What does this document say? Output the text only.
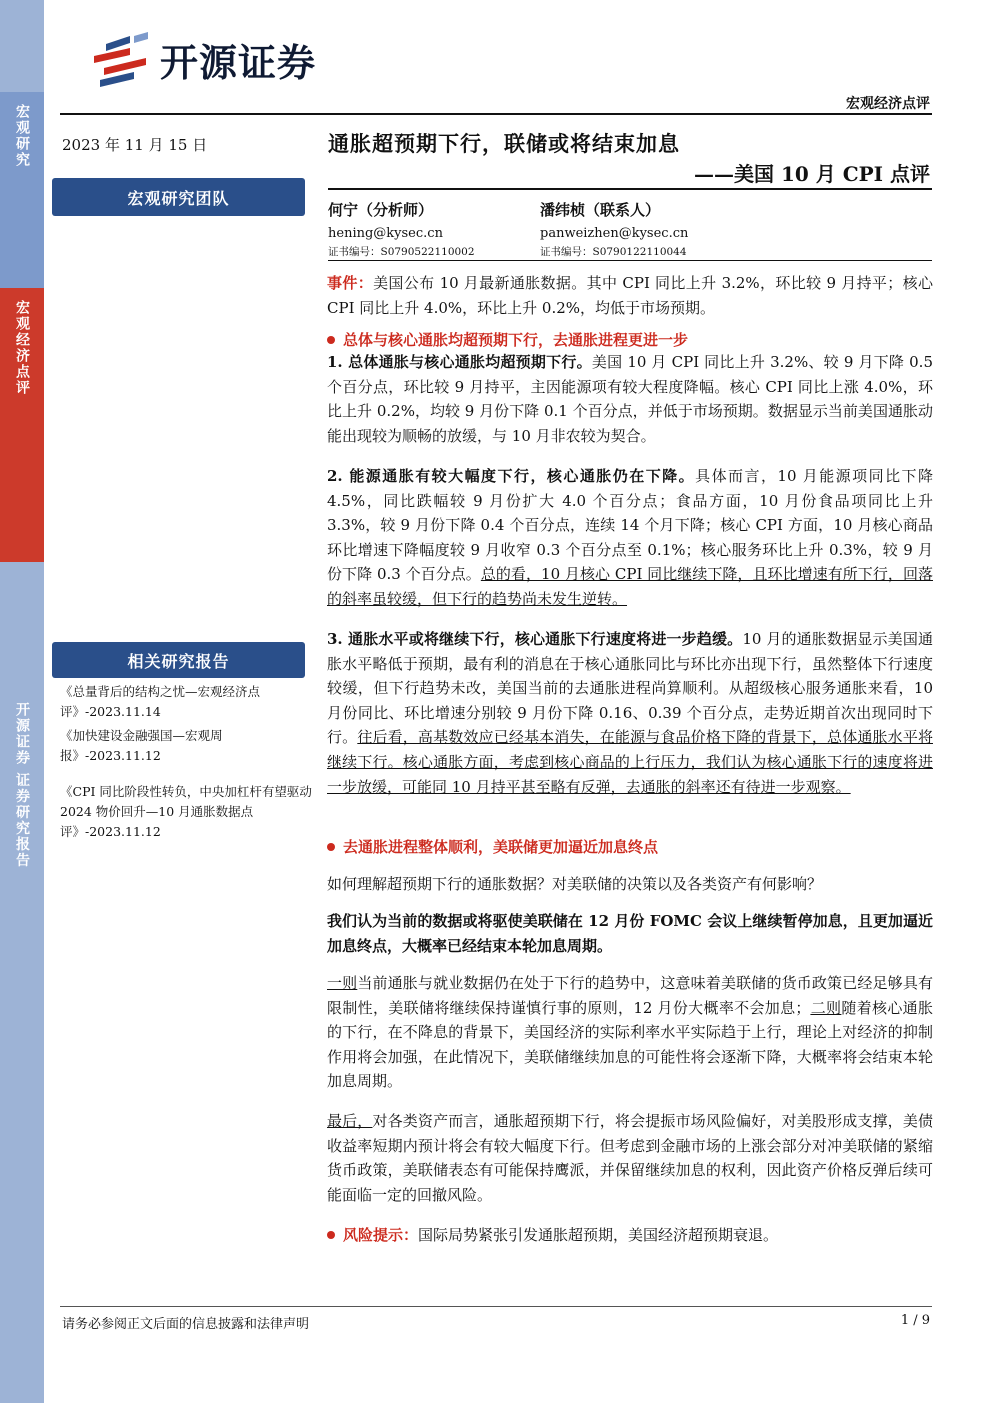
宏观研究
宏观经济点评
开源证券 证券研究报告
开源证券
宏观经济点评
2023 年 11 月 15 日
宏观研究团队
相关研究报告
《总量背后的结构之忧—宏观经济点评》-2023.11.14
《加快建设金融强国—宏观周报》-2023.11.12
《CPI 同比阶段性转负，中央加杠杆有望驱动 2024 物价回升—10 月通胀数据点评》-2023.11.12
通胀超预期下行，联储或将结束加息
——美国 10 月 CPI 点评
何宁（分析师）
hening@kysec.cn
证书编号：S0790522110002
潘纬桢（联系人）
panweizhen@kysec.cn
证书编号：S0790122110044
事件：美国公布 10 月最新通胀数据。其中 CPI 同比上升 3.2%，环比较 9 月持平；核心 CPI 同比上升 4.0%，环比上升 0.2%，均低于市场预期。
总体与核心通胀均超预期下行，去通胀进程更进一步
1. 总体通胀与核心通胀均超预期下行。美国 10 月 CPI 同比上升 3.2%、较 9 月下降 0.5 个百分点，环比较 9 月持平，主因能源项有较大程度降幅。核心 CPI 同比上涨 4.0%，环比上升 0.2%，均较 9 月份下降 0.1 个百分点，并低于市场预期。数据显示当前美国通胀动能出现较为顺畅的放缓，与 10 月非农较为契合。
2. 能源通胀有较大幅度下行，核心通胀仍在下降。具体而言，10 月能源项同比下降 4.5%，同比跌幅较 9 月份扩大 4.0 个百分点；食品方面，10 月份食品项同比上升 3.3%，较 9 月份下降 0.4 个百分点，连续 14 个月下降；核心 CPI 方面，10 月核心商品环比增速下降幅度较 9 月收窄 0.3 个百分点至 0.1%；核心服务环比上升 0.3%，较 9 月份下降 0.3 个百分点。总的看，10 月核心 CPI 同比继续下降，且环比增速有所下行，回落的斜率虽较缓，但下行的趋势尚未发生逆转。
3. 通胀水平或将继续下行，核心通胀下行速度将进一步趋缓。10 月的通胀数据显示美国通胀水平略低于预期，最有利的消息在于核心通胀同比与环比亦出现下行，虽然整体下行速度较缓，但下行趋势未改，美国当前的去通胀进程尚算顺利。从超级核心服务通胀来看，10 月份同比、环比增速分别较 9 月份下降 0.16、0.39 个百分点，走势近期首次出现同时下行。往后看，高基数效应已经基本消失，在能源与食品价格下降的背景下，总体通胀水平将继续下行。核心通胀方面，考虑到核心商品的上行压力，我们认为核心通胀下行的速度将进一步放缓，可能同 10 月持平甚至略有反弹，去通胀的斜率还有待进一步观察。
去通胀进程整体顺利，美联储更加逼近加息终点
如何理解超预期下行的通胀数据？对美联储的决策以及各类资产有何影响？
我们认为当前的数据或将驱使美联储在 12 月份 FOMC 会议上继续暂停加息，且更加逼近加息终点，大概率已经结束本轮加息周期。
一则当前通胀与就业数据仍在处于下行的趋势中，这意味着美联储的货币政策已经足够具有限制性，美联储将继续保持谨慎行事的原则，12 月份大概率不会加息；二则随着核心通胀的下行，在不降息的背景下，美国经济的实际利率水平实际趋于上行，理论上对经济的抑制作用将会加强，在此情况下，美联储继续加息的可能性将会逐渐下降，大概率将会结束本轮加息周期。
最后，对各类资产而言，通胀超预期下行，将会提振市场风险偏好，对美股形成支撑，美债收益率短期内预计将会有较大幅度下行。但考虑到金融市场的上涨会部分对冲美联储的紧缩货币政策，美联储表态有可能保持鹰派，并保留继续加息的权利，因此资产价格反弹后续可能面临一定的回撤风险。
风险提示： 国际局势紧张引发通胀超预期，美国经济超预期衰退。
请务必参阅正文后面的信息披露和法律声明	1 / 9
